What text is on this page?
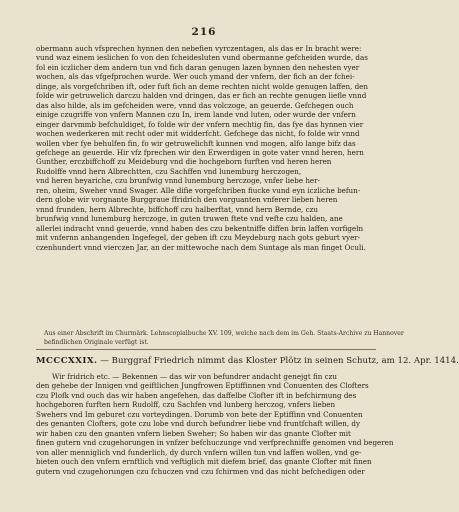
216
obermann auch vfsprechen hynnen den nebefien vyrczentagen, als das er In bracht were:
vund waz einem ieslichen fo von den fcheidesluten vund obermanne gefcheiden wurde, das
fol ein iczlicher dem andern tun vnd fich daran genugen lazen bynnen den nehesten vyer
wochen, als das vfgefprochen wurde. Wer ouch ymand der vnfern, der fich an der fchei-
dinge, als vorgefchriben ift, oder fuft fich an deme rechten nicht wolde genugen laffen, den
folde wir getruwelich darczu halden vnd dringen, das er fich an rechte genugen liefle vnnd
das also hilde, als im gefcheiden were, vnnd das volczoge, an geuerde. Gefchegen ouch
einige czugriffe von vnfern Mannen czu In, irem lande vnd luten, oder wurde der vnfern
einger darvmmb befchuldiget, fo folde wir der vnfern mechtig fin, das fye das hynnen vier
wochen wederkeren mit recht oder mit widderfcht. Gefchege das nicht, fo folde wir vnnd
wollen vber fye behulfen fin, fo wir getruwelichft kunnen vnd mogen, alfo lange bifz das
gefchege an geuerde. Hir vfz fprechen wir den Erwerdigen in gote vater vnnd heren, hern
Gunther, erczbiffchoff zu Meideburg vnd die hochgeborn furften vnd heren heren
Rudolffe vnnd hern Albrechtten, czu Sachffen vnd lunemburg herczogen,
vnd heren heyariche, czu brunfwig vnnd lunemburg herczoge, vnfer liebe her-
ren, oheim, Sweher vnnd Swager. Alle difie vorgefchriben fiucke vund eyn iczliche befun-
dern globe wir vorgnante Burggraue ffridrich den vorguanten vnferer lieben heren
vnnd frunden, hern Albrechte, biffchoff czu halberftat, vnnd hern Bernde, czu
brunfwig vnnd lunemburg herczoge, in guten truwen ftete vnd vefte czu halden, ane
allerlei indracht vnnd geuerde, vnnd haben des czu bekentniffe diffen brin laffen vorfigeln
mit vnfernn anhangenden Ingefegel, der geben ift czu Meydeburg nach gots geburt vyer-
czenhundert vnnd vierczen Jar, an der mittewoche nach dem Suntage als man finget Oculi.
Aus einer Abschrift im Churmärk. Lehnscopialbuche XV. 109, welche nach dem im Geh. Staats-Archive zu Hannover
befindlichen Originale verfügt ist.
MCCCXXIX. — Burggraf Friedrich nimmt das Kloster Plötz in seinen Schutz, am 12. Apr. 1414.
Wir fridrich etc. — Bekennen — das wir von befundrer andacht genejgt fin czu
den gehebe der Innigen vnd geiftlichen Jungfrowen Eptiffinnen vnd Conuenten des Clofters
czu Plofk vnd ouch das wir haben angefehen, das daffelbe Clofter ift in befchirmung des
hochgeboren furften hern Rudolff, czu Sachfen vnd lunberg herczog, vnfers lieben
Swehers vnd Im geburet czu vorteydingen. Dorumb von bete der Eptiffinn vnd Conuenten
des genanten Clofters, gote czu lobe vnd durch befundrer liebe vnd fruntfchaft willen, dy
wir haben czu den gnanten vnfern lieben Sweher; So haben wir das gnante Clofter mit
finen gutern vnd czugehorungen in vnfzer befchuczunge vnd verfprechniffe genomen vnd begeren
von aller menniglich vnd funderlich, dy durch vnfern willen tun vnd laffen wollen, vnd ge-
bieten ouch den vnfern ernftlich vnd veftiglich mit diefem brief, das gnante Clofter mit finen
gutern vnd czugehorungen czu fchuczen vnd czu fchirmen vnd das nicht befchedigen oder
